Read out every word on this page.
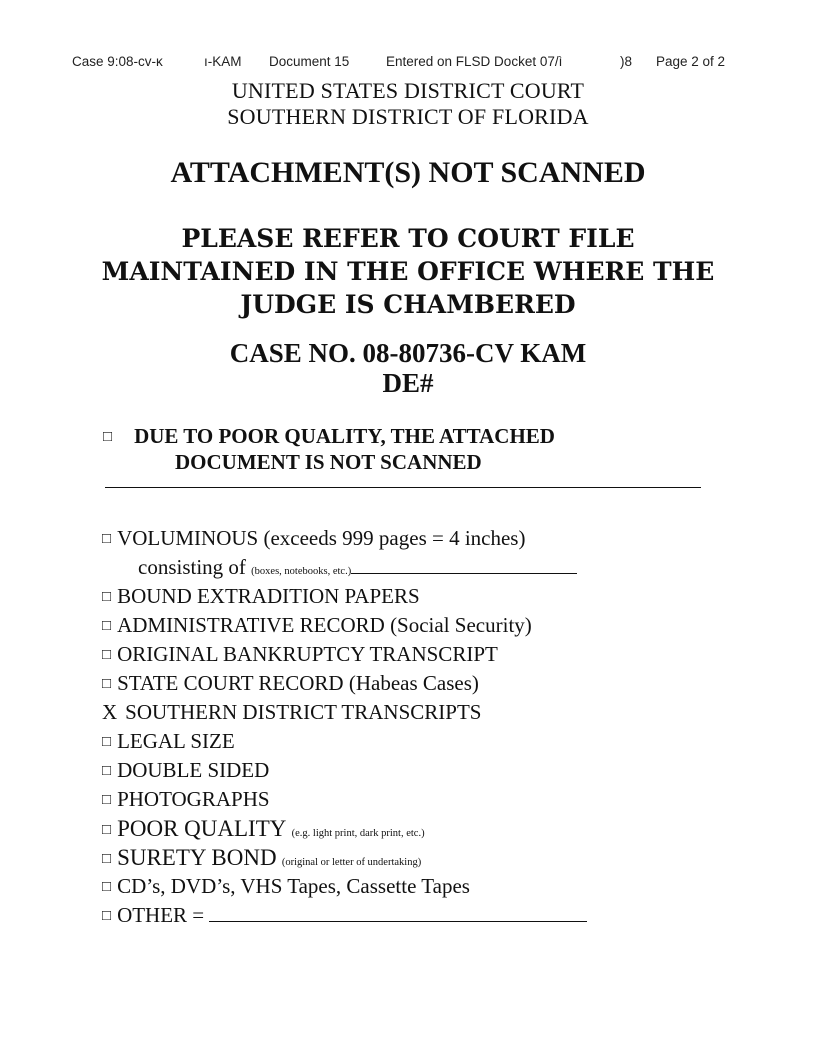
Case 9:08-cv-ĸ	ı-KAM Document 15	Entered on FLSD Docket 07/ì	)8 Page 2 of 2
UNITED STATES DISTRICT COURT
SOUTHERN DISTRICT OF FLORIDA
ATTACHMENT(S) NOT SCANNED
PLEASE REFER TO COURT FILE
MAINTAINED IN THE OFFICE WHERE THE
JUDGE IS CHAMBERED
CASE NO. 08-80736-CV KAM
DE#
□ DUE TO POOR QUALITY, THE ATTACHED
DOCUMENT IS NOT SCANNED
□ VOLUMINOUS (exceeds 999 pages = 4 inches)
consisting of (boxes, notebooks, etc.)
□ BOUND EXTRADITION PAPERS
□ ADMINISTRATIVE RECORD (Social Security)
□ ORIGINAL BANKRUPTCY TRANSCRIPT
□ STATE COURT RECORD (Habeas Cases)
X SOUTHERN DISTRICT TRANSCRIPTS
□ LEGAL SIZE
□ DOUBLE SIDED
□ PHOTOGRAPHS
□ POOR QUALITY (e.g. light print, dark print, etc.)
□ SURETY BOND (original or letter of undertaking)
□ CD’s, DVD’s, VHS Tapes, Cassette Tapes
□ OTHER =
